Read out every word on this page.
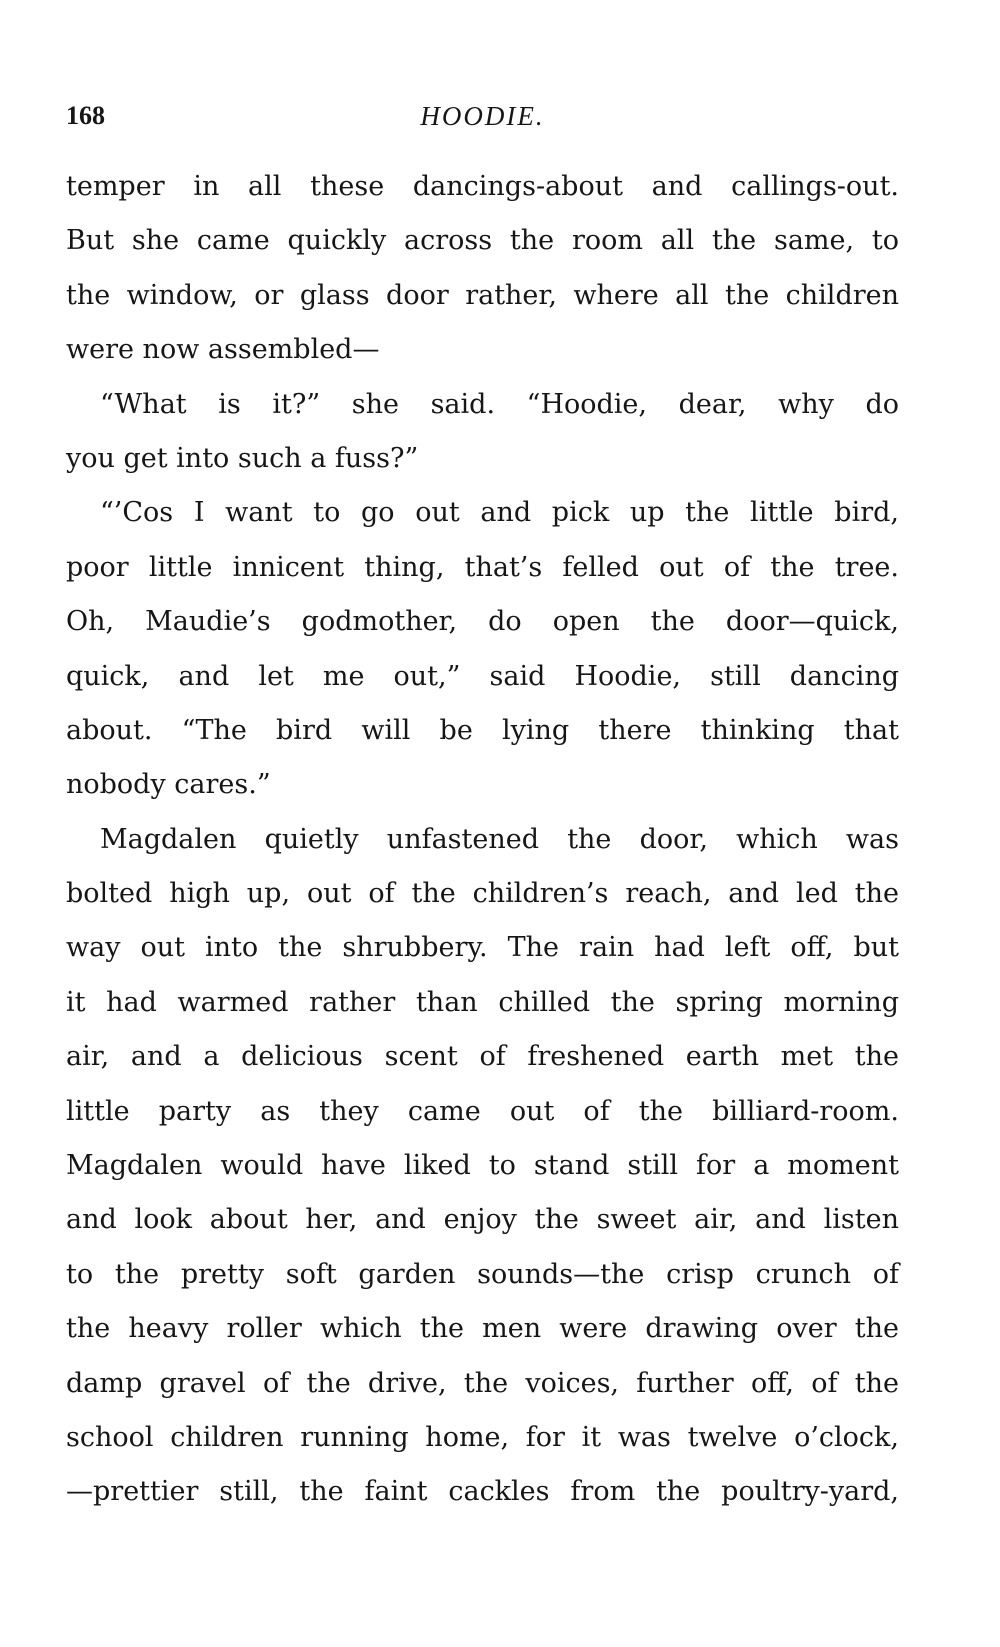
168	HOODIE.
temper in all these dancings-about and callings-out.
But she came quickly across the room all the same, to
the window, or glass door rather, where all the children
were now assembled—
“What is it?” she said. “Hoodie, dear, why do
you get into such a fuss?”
“’Cos I want to go out and pick up the little bird,
poor little innicent thing, that’s felled out of the tree.
Oh, Maudie’s godmother, do open the door—quick,
quick, and let me out,” said Hoodie, still dancing
about. “The bird will be lying there thinking that
nobody cares.”
Magdalen quietly unfastened the door, which was
bolted high up, out of the children’s reach, and led the
way out into the shrubbery. The rain had left off, but
it had warmed rather than chilled the spring morning
air, and a delicious scent of freshened earth met the
little party as they came out of the billiard-room.
Magdalen would have liked to stand still for a moment
and look about her, and enjoy the sweet air, and listen
to the pretty soft garden sounds—the crisp crunch of
the heavy roller which the men were drawing over the
damp gravel of the drive, the voices, further off, of the
school children running home, for it was twelve o’clock,
—prettier still, the faint cackles from the poultry-yard,
